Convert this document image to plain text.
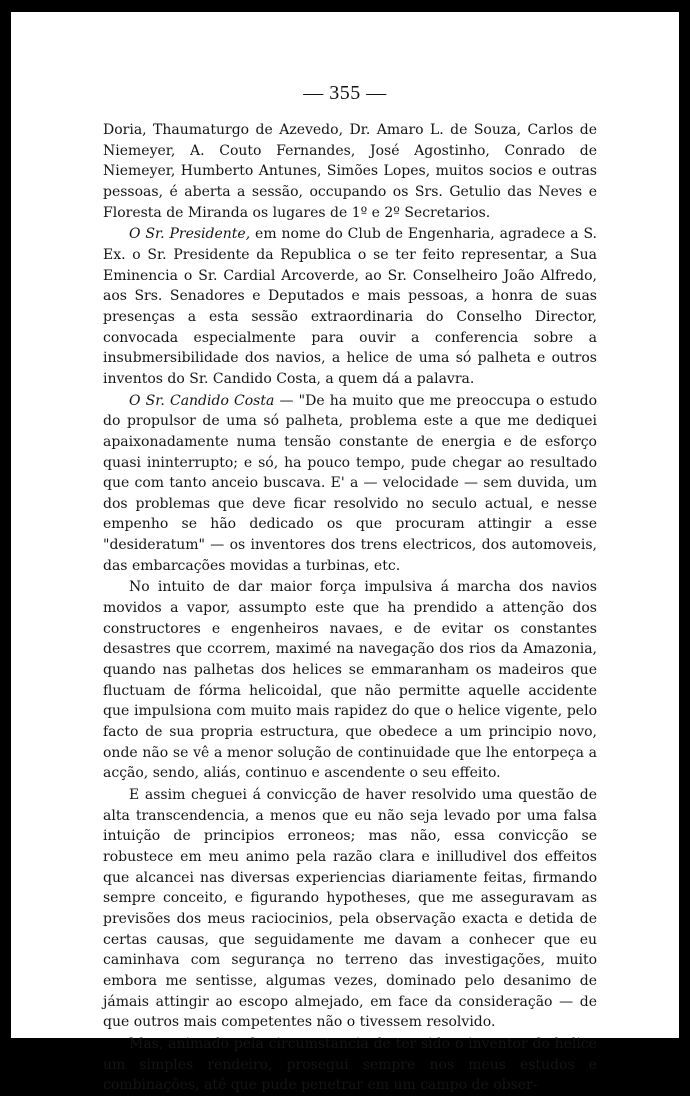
— 355 —

Doria, Thaumaturgo de Azevedo, Dr. Amaro L. de Souza, Carlos de Niemeyer, A. Couto Fernandes, José Agostinho, Conrado de Niemeyer, Humberto Antunes, Simões Lopes, muitos socios e outras pessoas, é aberta a sessão, occupando os Srs. Getulio das Neves e Floresta de Miranda os lugares de 1º e 2º Secretarios.

O Sr. Presidente, em nome do Club de Engenharia, agradece a S. Ex. o Sr. Presidente da Republica o se ter feito representar, a Sua Eminencia o Sr. Cardial Arcoverde, ao Sr. Conselheiro João Alfredo, aos Srs. Senadores e Deputados e mais pessoas, a honra de suas presenças a esta sessão extraordinaria do Conselho Director, convocada especialmente para ouvir a conferencia sobre a insubmersibilidade dos navios, a helice de uma só palheta e outros inventos do Sr. Candido Costa, a quem dá a palavra.

O Sr. Candido Costa — "De ha muito que me preoccupa o estudo do propulsor de uma só palheta, problema este a que me dediquei apaixonadamente numa tensão constante de energia e de esforço quasi ininterrupto; e só, ha pouco tempo, pude chegar ao resultado que com tanto anceio buscava. E' a — velocidade — sem duvida, um dos problemas que deve ficar resolvido no seculo actual, e nesse empenho se hão dedicado os que procuram attingir a esse "desideratum" — os inventores dos trens electricos, dos automoveis, das embarcações movidas a turbinas, etc.

No intuito de dar maior força impulsiva á marcha dos navios movidos a vapor, assumpto este que ha prendido a attenção dos constructores e engenheiros navaes, e de evitar os constantes desastres que ccorrem, maximé na navegação dos rios da Amazonia, quando nas palhetas dos helices se emmaranham os madeiros que fluctuam de fórma helicoidal, que não permitte aquelle accidente que impulsiona com muito mais rapidez do que o helice vigente, pelo facto de sua propria estructura, que obedece a um principio novo, onde não se vê a menor solução de continuidade que lhe entorpeça a acção, sendo, aliás, continuo e ascendente o seu effeito.

E assim cheguei á convicção de haver resolvido uma questão de alta transcendencia, a menos que eu não seja levado por uma falsa intuição de principios erroneos; mas não, essa convicção se robustece em meu animo pela razão clara e inilludivel dos effeitos que alcancei nas diversas experiencias diariamente feitas, firmando sempre conceito, e figurando hypotheses, que me asseguravam as previsões dos meus raciocinios, pela observação exacta e detida de certas causas, que seguidamente me davam a conhecer que eu caminhava com segurança no terreno das investigações, muito embora me sentisse, algumas vezes, dominado pelo desanimo de jámais attingir ao escopo almejado, em face da consideração — de que outros mais competentes não o tivessem resolvido.

Mas, animado pela circumstancia de ter sido o inventor do helice um simples rendeiro, prosegui sempre nos meus estudos e combinações, até que pude penetrar em um campo de obser-
